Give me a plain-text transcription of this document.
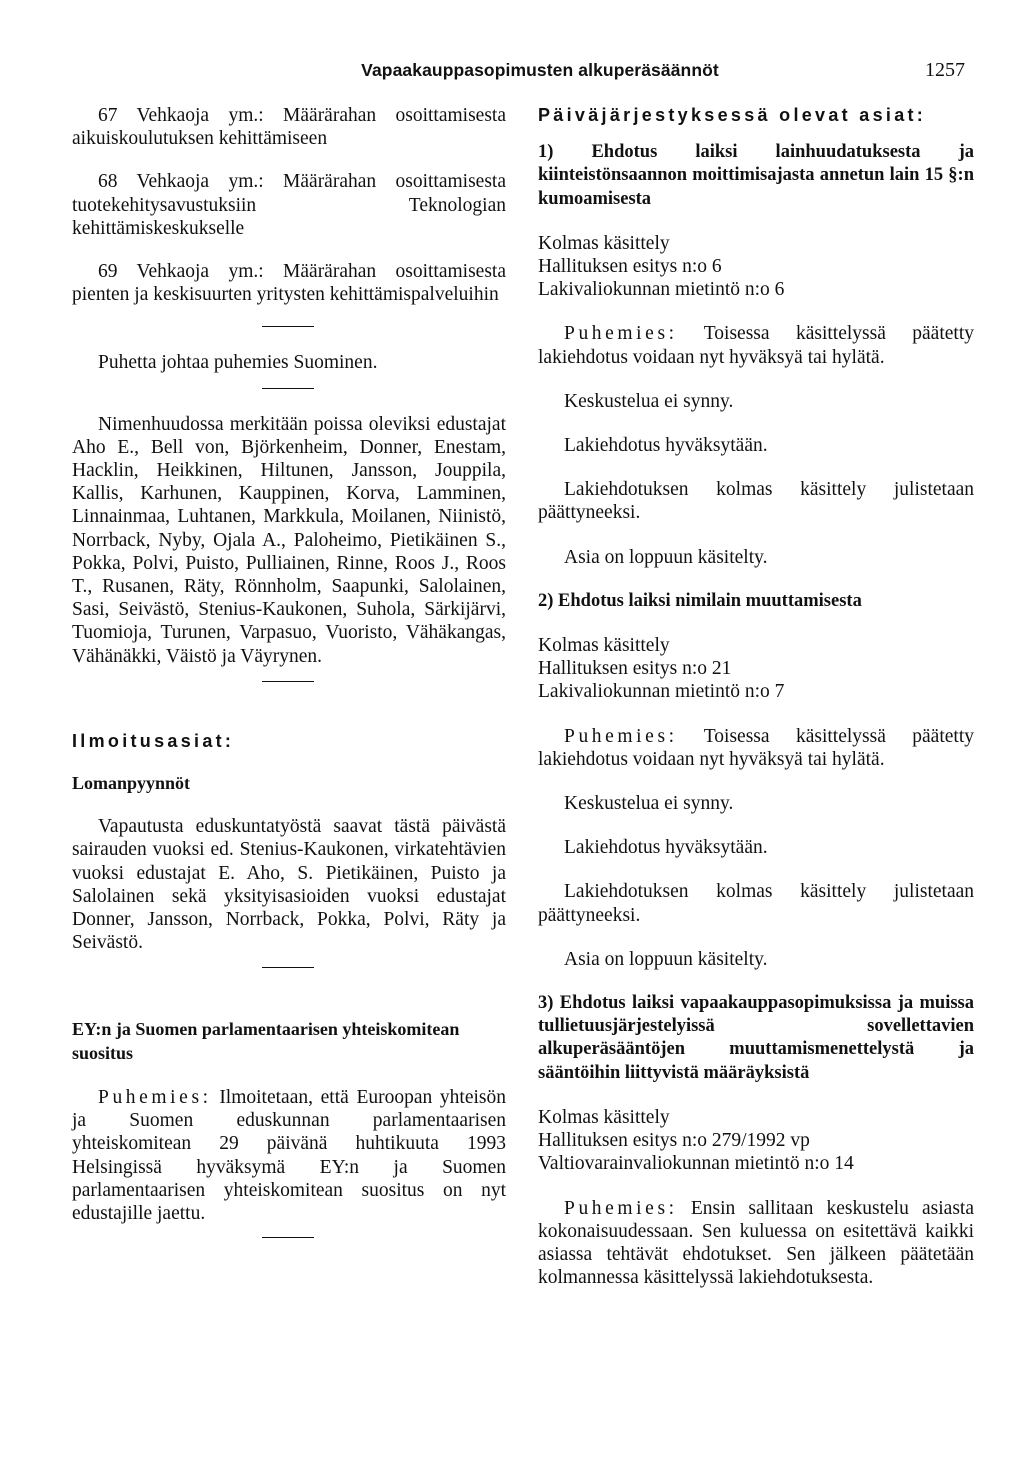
Vapaakauppasopimusten alkuperäsäännöt	1257

67 Vehkaoja ym.: Määrärahan osoittamisesta aikuiskoulutuksen kehittämiseen

68 Vehkaoja ym.: Määrärahan osoittamisesta tuotekehitysavustuksiin Teknologian kehittämiskeskukselle

69 Vehkaoja ym.: Määrärahan osoittamisesta pienten ja keskisuurten yritysten kehittämispalveluihin

Puhetta johtaa puhemies Suominen.

Nimenhuudossa merkitään poissa oleviksi edustajat Aho E., Bell von, Björkenheim, Donner, Enestam, Hacklin, Heikkinen, Hiltunen, Jansson, Jouppila, Kallis, Karhunen, Kauppinen, Korva, Lamminen, Linnainmaa, Luhtanen, Markkula, Moilanen, Niinistö, Norrback, Nyby, Ojala A., Paloheimo, Pietikäinen S., Pokka, Polvi, Puisto, Pulliainen, Rinne, Roos J., Roos T., Rusanen, Räty, Rönnholm, Saapunki, Salolainen, Sasi, Seivästö, Stenius-Kaukonen, Suhola, Särkijärvi, Tuomioja, Turunen, Varpasuo, Vuoristo, Vähäkangas, Vähänäkki, Väistö ja Väyrynen.

Ilmoitusasiat:

Lomanpyynnöt

Vapautusta eduskuntatyöstä saavat tästä päivästä sairauden vuoksi ed. Stenius-Kaukonen, virkatehtävien vuoksi edustajat E. Aho, S. Pietikäinen, Puisto ja Salolainen sekä yksityisasioiden vuoksi edustajat Donner, Jansson, Norrback, Pokka, Polvi, Räty ja Seivästö.

EY:n ja Suomen parlamentaarisen yhteiskomitean suositus

Puhemies: Ilmoitetaan, että Euroopan yhteisön ja Suomen eduskunnan parlamentaarisen yhteiskomitean 29 päivänä huhtikuuta 1993 Helsingissä hyväksymä EY:n ja Suomen parlamentaarisen yhteiskomitean suositus on nyt edustajille jaettu.

Päiväjärjestyksessä olevat asiat:

1) Ehdotus laiksi lainhuudatuksesta ja kiinteistönsaannon moittimisajasta annetun lain 15 §:n kumoamisesta

Kolmas käsittely
Hallituksen esitys n:o 6
Lakivaliokunnan mietintö n:o 6

Puhemies: Toisessa käsittelyssä päätetty lakiehdotus voidaan nyt hyväksyä tai hylätä.

Keskustelua ei synny.

Lakiehdotus hyväksytään.

Lakiehdotuksen kolmas käsittely julistetaan päättyneeksi.

Asia on loppuun käsitelty.

2) Ehdotus laiksi nimilain muuttamisesta

Kolmas käsittely
Hallituksen esitys n:o 21
Lakivaliokunnan mietintö n:o 7

Puhemies: Toisessa käsittelyssä päätetty lakiehdotus voidaan nyt hyväksyä tai hylätä.

Keskustelua ei synny.

Lakiehdotus hyväksytään.

Lakiehdotuksen kolmas käsittely julistetaan päättyneeksi.

Asia on loppuun käsitelty.

3) Ehdotus laiksi vapaakauppasopimuksissa ja muissa tullietuusjärjestelyissä sovellettavien alkuperäsääntöjen muuttamismenettelystä ja sääntöihin liittyvistä määräyksistä

Kolmas käsittely
Hallituksen esitys n:o 279/1992 vp
Valtiovarainvaliokunnan mietintö n:o 14

Puhemies: Ensin sallitaan keskustelu asiasta kokonaisuudessaan. Sen kuluessa on esitettävä kaikki asiassa tehtävät ehdotukset. Sen jälkeen päätetään kolmannessa käsittelyssä lakiehdotuksesta.
